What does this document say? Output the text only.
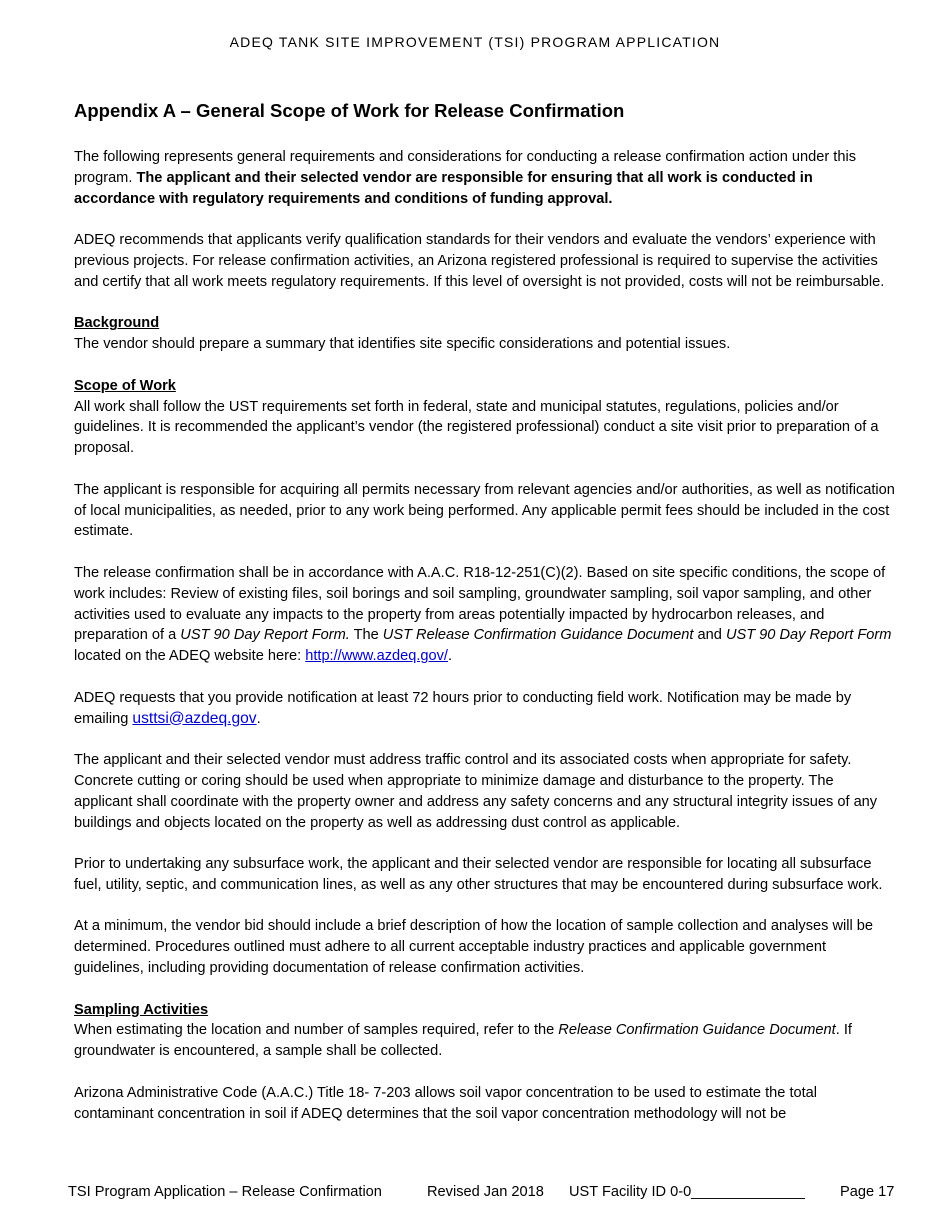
ADEQ TANK SITE IMPROVEMENT (TSI) PROGRAM APPLICATION
Appendix A – General Scope of Work for Release Confirmation

The following represents general requirements and considerations for conducting a release confirmation action under this program. The applicant and their selected vendor are responsible for ensuring that all work is conducted in accordance with regulatory requirements and conditions of funding approval.

ADEQ recommends that applicants verify qualification standards for their vendors and evaluate the vendors’ experience with previous projects. For release confirmation activities, an Arizona registered professional is required to supervise the activities and certify that all work meets regulatory requirements. If this level of oversight is not provided, costs will not be reimbursable.

Background
The vendor should prepare a summary that identifies site specific considerations and potential issues.

Scope of Work
All work shall follow the UST requirements set forth in federal, state and municipal statutes, regulations, policies and/or guidelines. It is recommended the applicant’s vendor (the registered professional) conduct a site visit prior to preparation of a proposal.

The applicant is responsible for acquiring all permits necessary from relevant agencies and/or authorities, as well as notification of local municipalities, as needed, prior to any work being performed. Any applicable permit fees should be included in the cost estimate.

The release confirmation shall be in accordance with A.A.C. R18-12-251(C)(2). Based on site specific conditions, the scope of work includes: Review of existing files, soil borings and soil sampling, groundwater sampling, soil vapor sampling, and other activities used to evaluate any impacts to the property from areas potentially impacted by hydrocarbon releases, and preparation of a UST 90 Day Report Form. The UST Release Confirmation Guidance Document and UST 90 Day Report Form located on the ADEQ website here: http://www.azdeq.gov/.

ADEQ requests that you provide notification at least 72 hours prior to conducting field work. Notification may be made by emailing usttsi@azdeq.gov.

The applicant and their selected vendor must address traffic control and its associated costs when appropriate for safety. Concrete cutting or coring should be used when appropriate to minimize damage and disturbance to the property. The applicant shall coordinate with the property owner and address any safety concerns and any structural integrity issues of any buildings and objects located on the property as well as addressing dust control as applicable.

Prior to undertaking any subsurface work, the applicant and their selected vendor are responsible for locating all subsurface fuel, utility, septic, and communication lines, as well as any other structures that may be encountered during subsurface work.

At a minimum, the vendor bid should include a brief description of how the location of sample collection and analyses will be determined. Procedures outlined must adhere to all current acceptable industry practices and applicable government guidelines, including providing documentation of release confirmation activities.

Sampling Activities
When estimating the location and number of samples required, refer to the Release Confirmation Guidance Document. If groundwater is encountered, a sample shall be collected.

Arizona Administrative Code (A.A.C.) Title 18- 7-203 allows soil vapor concentration to be used to estimate the total contaminant concentration in soil if ADEQ determines that the soil vapor concentration methodology will not be

TSI Program Application – Release Confirmation	Revised Jan 2018 UST Facility ID 0-0______________ Page 17
